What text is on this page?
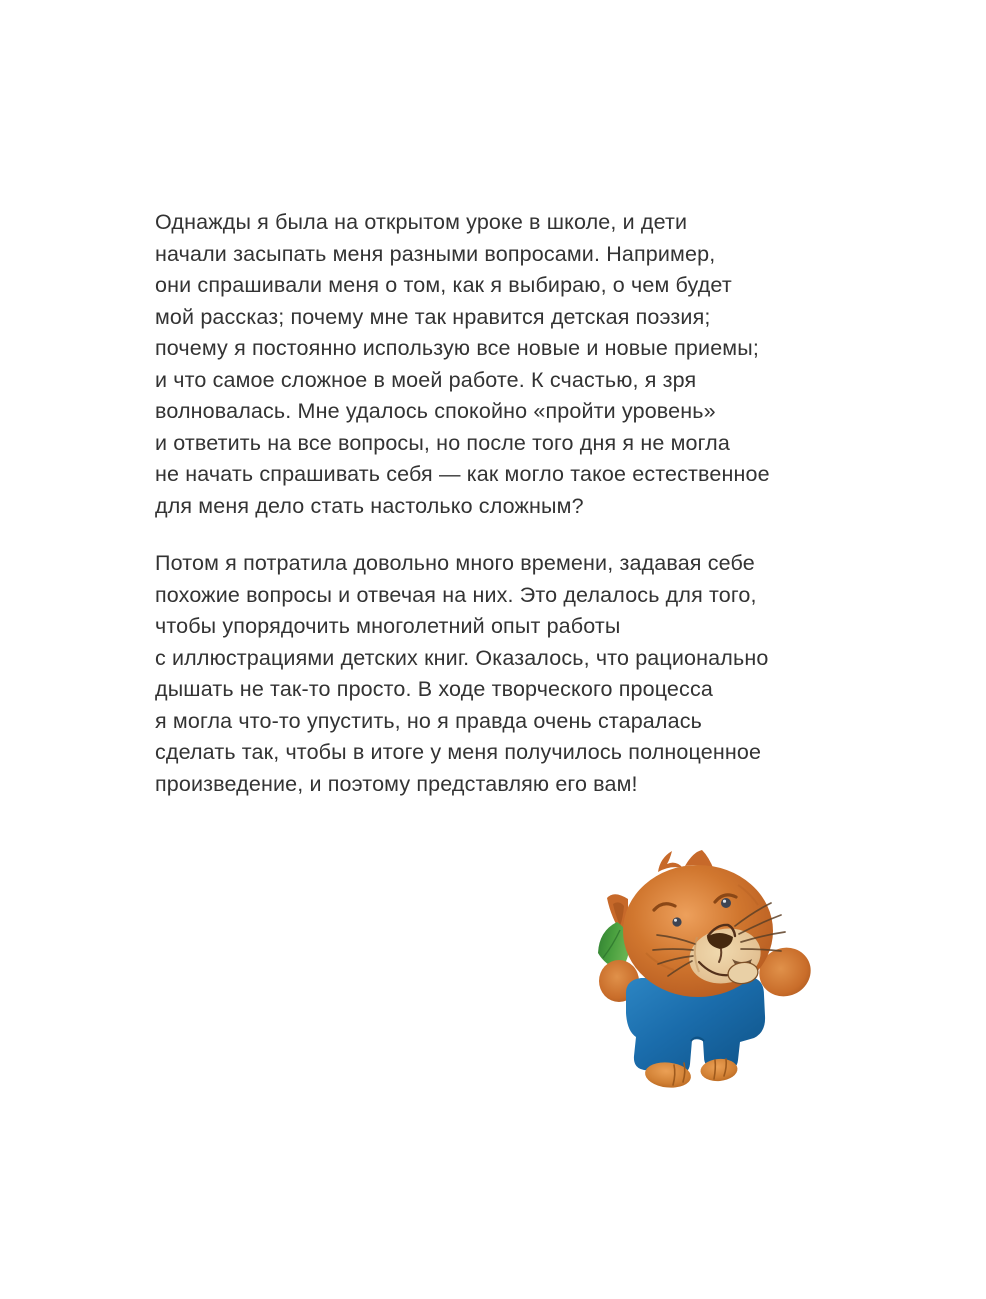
Однажды я была на открытом уроке в школе, и дети
начали засыпать меня разными вопросами. Например,
они спрашивали меня о том, как я выбираю, о чем будет
мой рассказ; почему мне так нравится детская поэзия;
почему я постоянно использую все новые и новые приемы;
и что самое сложное в моей работе. К счастью, я зря
волновалась. Мне удалось спокойно «пройти уровень»
и ответить на все вопросы, но после того дня я не могла
не начать спрашивать себя — как могло такое естественное
для меня дело стать настолько сложным?

Потом я потратила довольно много времени, задавая себе
похожие вопросы и отвечая на них. Это делалось для того,
чтобы упорядочить многолетний опыт работы
с иллюстрациями детских книг. Оказалось, что рационально
дышать не так-то просто. В ходе творческого процесса
я могла что-то упустить, но я правда очень старалась
сделать так, чтобы в итоге у меня получилось полноценное
произведение, и поэтому представляю его вам!
